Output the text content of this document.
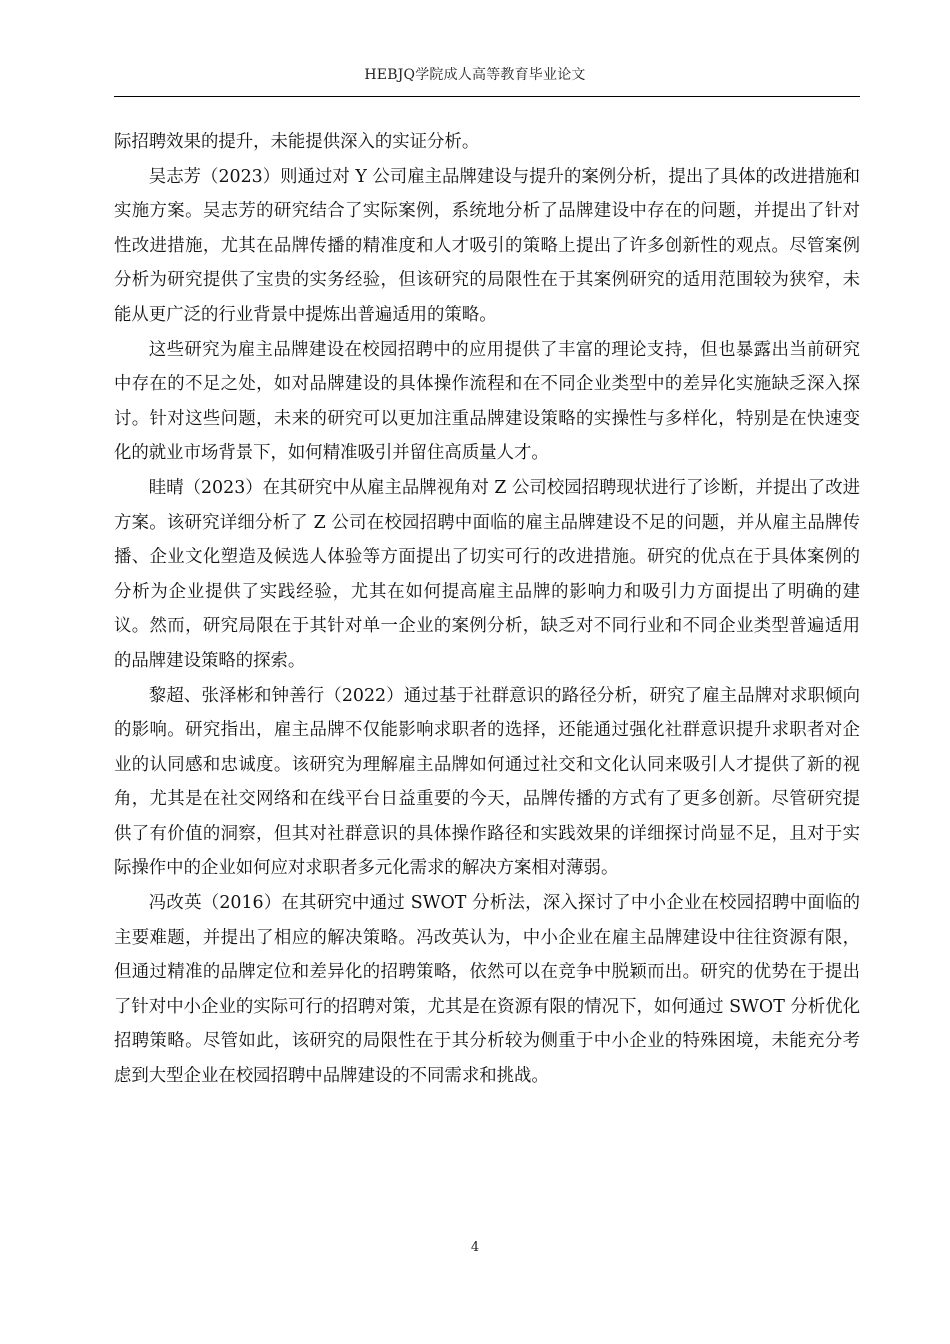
HEBJQ学院成人高等教育毕业论文

际招聘效果的提升，未能提供深入的实证分析。

吴志芳（2023）则通过对 Y 公司雇主品牌建设与提升的案例分析，提出了具体的改进措施和实施方案。吴志芳的研究结合了实际案例，系统地分析了品牌建设中存在的问题，并提出了针对性改进措施，尤其在品牌传播的精准度和人才吸引的策略上提出了许多创新性的观点。尽管案例分析为研究提供了宝贵的实务经验，但该研究的局限性在于其案例研究的适用范围较为狭窄，未能从更广泛的行业背景中提炼出普遍适用的策略。

这些研究为雇主品牌建设在校园招聘中的应用提供了丰富的理论支持，但也暴露出当前研究中存在的不足之处，如对品牌建设的具体操作流程和在不同企业类型中的差异化实施缺乏深入探讨。针对这些问题，未来的研究可以更加注重品牌建设策略的实操性与多样化，特别是在快速变化的就业市场背景下，如何精准吸引并留住高质量人才。

眭晴（2023）在其研究中从雇主品牌视角对 Z 公司校园招聘现状进行了诊断，并提出了改进方案。该研究详细分析了 Z 公司在校园招聘中面临的雇主品牌建设不足的问题，并从雇主品牌传播、企业文化塑造及候选人体验等方面提出了切实可行的改进措施。研究的优点在于具体案例的分析为企业提供了实践经验，尤其在如何提高雇主品牌的影响力和吸引力方面提出了明确的建议。然而，研究局限在于其针对单一企业的案例分析，缺乏对不同行业和不同企业类型普遍适用的品牌建设策略的探索。

黎超、张泽彬和钟善行（2022）通过基于社群意识的路径分析，研究了雇主品牌对求职倾向的影响。研究指出，雇主品牌不仅能影响求职者的选择，还能通过强化社群意识提升求职者对企业的认同感和忠诚度。该研究为理解雇主品牌如何通过社交和文化认同来吸引人才提供了新的视角，尤其是在社交网络和在线平台日益重要的今天，品牌传播的方式有了更多创新。尽管研究提供了有价值的洞察，但其对社群意识的具体操作路径和实践效果的详细探讨尚显不足，且对于实际操作中的企业如何应对求职者多元化需求的解决方案相对薄弱。

冯改英（2016）在其研究中通过 SWOT 分析法，深入探讨了中小企业在校园招聘中面临的主要难题，并提出了相应的解决策略。冯改英认为，中小企业在雇主品牌建设中往往资源有限，但通过精准的品牌定位和差异化的招聘策略，依然可以在竞争中脱颖而出。研究的优势在于提出了针对中小企业的实际可行的招聘对策，尤其是在资源有限的情况下，如何通过 SWOT 分析优化招聘策略。尽管如此，该研究的局限性在于其分析较为侧重于中小企业的特殊困境，未能充分考虑到大型企业在校园招聘中品牌建设的不同需求和挑战。

4
